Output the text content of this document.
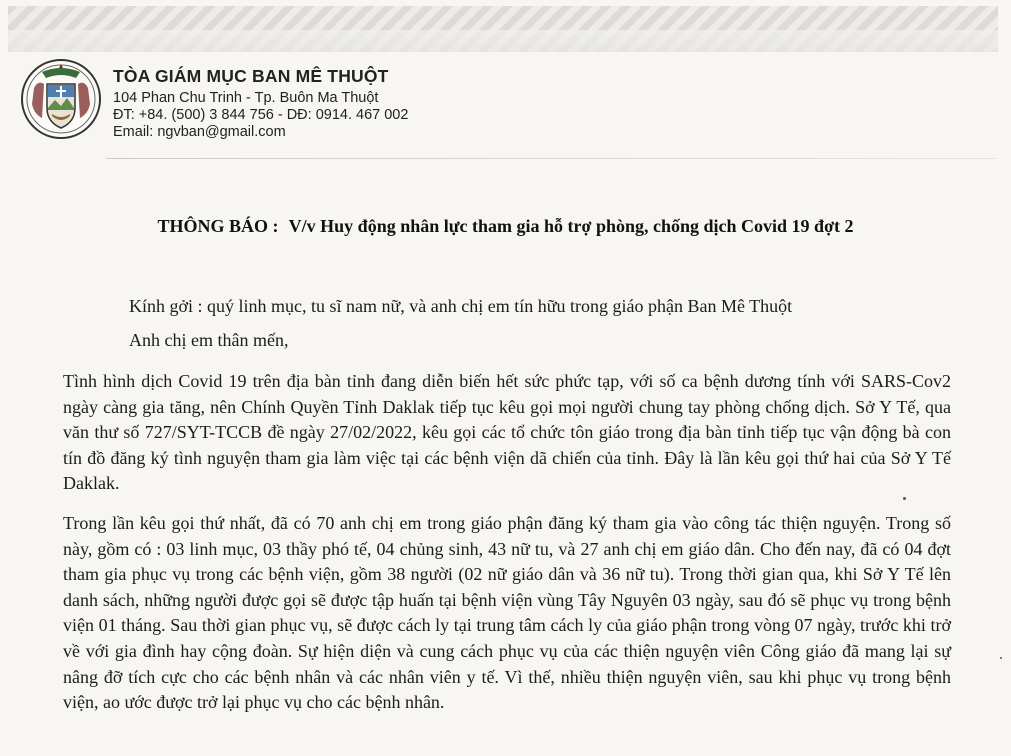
TÒA GIÁM MỤC BAN MÊ THUỘT

104 Phan Chu Trinh - Tp. Buôn Ma Thuột

ĐT: +84. (500) 3 844 756 - DĐ: 0914. 467 002

Email: ngvban@gmail.com

THÔNG BÁO : V/v Huy động nhân lực tham gia hỗ trợ phòng, chống dịch Covid 19 đợt 2
Kính gởi : quý linh mục, tu sĩ nam nữ, và anh chị em tín hữu trong giáo phận Ban Mê Thuột
Anh chị em thân mến,

Tình hình dịch Covid 19 trên địa bàn tỉnh đang diễn biến hết sức phức tạp, với số ca bệnh dương tính với SARS-Cov2 ngày càng gia tăng, nên Chính Quyền Tỉnh Daklak tiếp tục kêu gọi mọi người chung tay phòng chống dịch. Sở Y Tế, qua văn thư số 727/SYT-TCCB đề ngày 27/02/2022, kêu gọi các tổ chức tôn giáo trong địa bàn tỉnh tiếp tục vận động bà con tín đồ đăng ký tình nguyện tham gia làm việc tại các bệnh viện dã chiến của tỉnh. Đây là lần kêu gọi thứ hai của Sở Y Tế Daklak.

Trong lần kêu gọi thứ nhất, đã có 70 anh chị em trong giáo phận đăng ký tham gia vào công tác thiện nguyện. Trong số này, gồm có : 03 linh mục, 03 thầy phó tế, 04 chủng sinh, 43 nữ tu, và 27 anh chị em giáo dân. Cho đến nay, đã có 04 đợt tham gia phục vụ trong các bệnh viện, gồm 38 người (02 nữ giáo dân và 36 nữ tu). Trong thời gian qua, khi Sở Y Tế lên danh sách, những người được gọi sẽ được tập huấn tại bệnh viện vùng Tây Nguyên 03 ngày, sau đó sẽ phục vụ trong bệnh viện 01 tháng. Sau thời gian phục vụ, sẽ được cách ly tại trung tâm cách ly của giáo phận trong vòng 07 ngày, trước khi trở về với gia đình hay cộng đoàn. Sự hiện diện và cung cách phục vụ của các thiện nguyện viên Công giáo đã mang lại sự nâng đỡ tích cực cho các bệnh nhân và các nhân viên y tế. Vì thế, nhiều thiện nguyện viên, sau khi phục vụ trong bệnh viện, ao ước được trở lại phục vụ cho các bệnh nhân.
